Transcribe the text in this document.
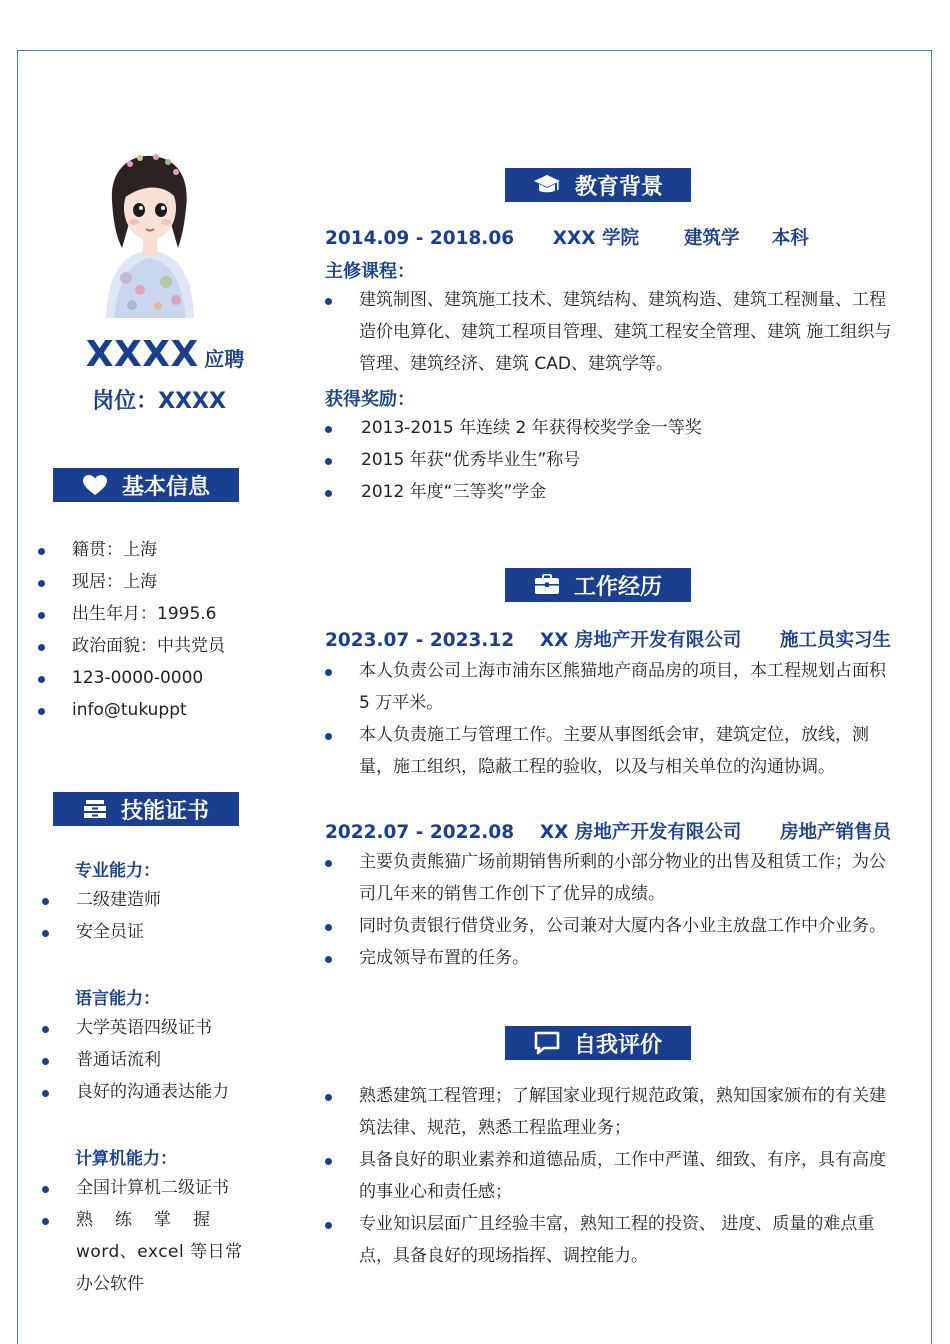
XXXX 应聘
岗位：XXXX
基本信息
籍贯：上海
现居：上海
出生年月：1995.6
政治面貌：中共党员
123-0000-0000
info@tukuppt
技能证书
专业能力：
二级建造师
安全员证
语言能力：
大学英语四级证书
普通话流利
良好的沟通表达能力
计算机能力：
全国计算机二级证书
熟练掌握
word、excel 等日常
办公软件
教育背景
2014.09 - 2018.06      XXX 学院       建筑学     本科
主修课程：
建筑制图、建筑施工技术、建筑结构、建筑构造、建筑工程测量、工程造价电算化、建筑工程项目管理、建筑工程安全管理、建筑 施工组织与管理、建筑经济、建筑 CAD、建筑学等。
获得奖励：
2013-2015 年连续 2 年获得校奖学金一等奖
2015 年获“优秀毕业生”称号
2012 年度“三等奖”学金
工作经历
2023.07 - 2023.12    XX 房地产开发有限公司      施工员实习生
本人负责公司上海市浦东区熊猫地产商品房的项目，本工程规划占面积 5 万平米。
本人负责施工与管理工作。主要从事图纸会审，建筑定位，放线，测量，施工组织，隐蔽工程的验收，以及与相关单位的沟通协调。
2022.07 - 2022.08    XX 房地产开发有限公司      房地产销售员
主要负责熊猫广场前期销售所剩的小部分物业的出售及租赁工作；为公司几年来的销售工作创下了优异的成绩。
同时负责银行借贷业务，公司兼对大厦内各小业主放盘工作中介业务。
完成领导布置的任务。
自我评价
熟悉建筑工程管理；了解国家业现行规范政策，熟知国家颁布的有关建筑法律、规范，熟悉工程监理业务；
具备良好的职业素养和道德品质，工作中严谨、细致、有序，具有高度的事业心和责任感；
专业知识层面广且经验丰富，熟知工程的投资、 进度、质量的难点重点，具备良好的现场指挥、调控能力。
